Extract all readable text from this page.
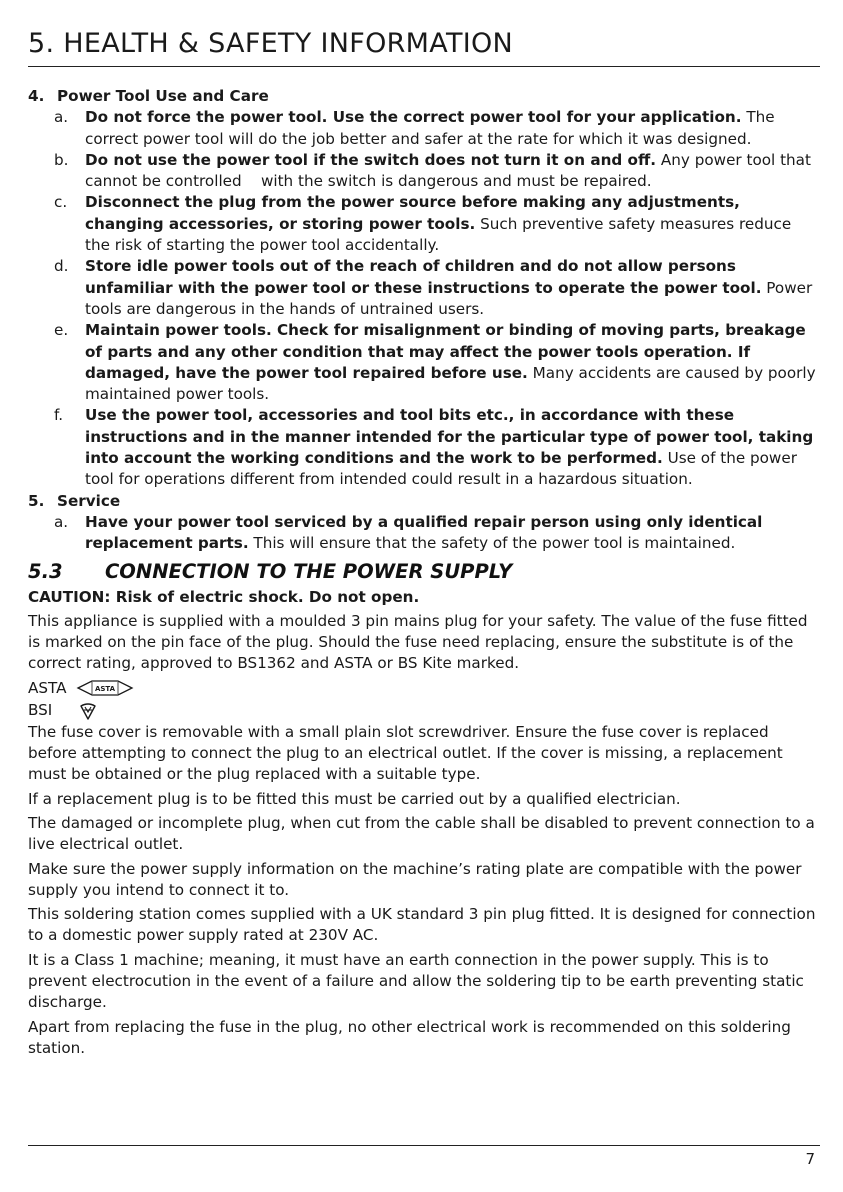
5. HEALTH & SAFETY INFORMATION

4. Power Tool Use and Care

a.	Do not force the power tool. Use the correct power tool for your application. The correct power tool will do the job better and safer at the rate for which it was designed.

b.	Do not use the power tool if the switch does not turn it on and off. Any power tool that cannot be controlled    with the switch is dangerous and must be repaired.

c.	Disconnect the plug from the power source before making any adjustments, changing accessories, or storing power tools. Such preventive safety measures reduce the risk of starting the power tool accidentally.

d.	Store idle power tools out of the reach of children and do not allow persons unfamiliar with the power tool or these instructions to operate the power tool. Power tools are dangerous in the hands of untrained users.

e.	Maintain power tools. Check for misalignment or binding of moving parts, breakage of parts and any other condition that may affect the power tools operation. If damaged, have the power tool repaired before use. Many accidents are caused by poorly maintained power tools.

f.	Use the power tool, accessories and tool bits etc., in accordance with these instructions and in the manner intended for the particular type of power tool, taking into account the working conditions and the work to be performed. Use of the power tool for operations different from intended could result in a hazardous situation.

5. Service

a.	Have your power tool serviced by a qualified repair person using only identical replacement parts. This will ensure that the safety of the power tool is maintained.

5.3 CONNECTION TO THE POWER SUPPLY

CAUTION: Risk of electric shock. Do not open.

This appliance is supplied with a moulded 3 pin mains plug for your safety. The value of the fuse fitted is marked on the pin face of the plug. Should the fuse need replacing, ensure the substitute is of the correct rating, approved to BS1362 and ASTA or BS Kite marked.

ASTA	ASTA
BSI

The fuse cover is removable with a small plain slot screwdriver. Ensure the fuse cover is replaced before attempting to connect the plug to an electrical outlet. If the cover is missing, a replacement must be obtained or the plug replaced with a suitable type.

If a replacement plug is to be fitted this must be carried out by a qualified electrician.

The damaged or incomplete plug, when cut from the cable shall be disabled to prevent connection to a live electrical outlet.

Make sure the power supply information on the machine’s rating plate are compatible with the power supply you intend to connect it to.

This soldering station comes supplied with a UK standard 3 pin plug fitted. It is designed for connection to a domestic power supply rated at 230V AC.

It is a Class 1 machine; meaning, it must have an earth connection in the power supply. This is to prevent electrocution in the event of a failure and allow the soldering tip to be earth preventing static discharge.

Apart from replacing the fuse in the plug, no other electrical work is recommended on this soldering station.

7
